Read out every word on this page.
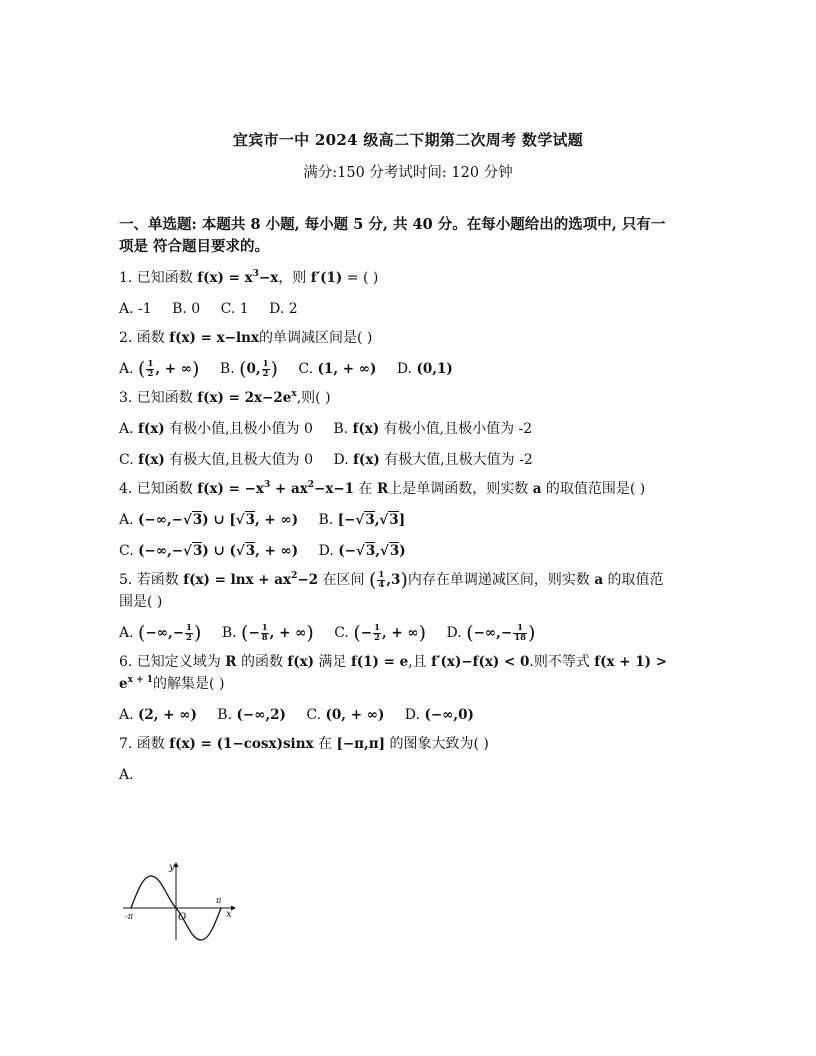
宜宾市一中 2024 级高二下期第二次周考 数学试题
满分:150 分考试时间: 120 分钟
一、单选题: 本题共 8 小题, 每小题 5 分, 共 40 分。在每小题给出的选项中, 只有一
项是 符合题目要求的。
1. 已知函数 $f(x) = x^3-x$，则 f′(1) = ( )
A. -1 B. 0 C. 1 D. 2
2. 函数 f(x) = x−lnx的单调减区间是( )
A. ( $\frac{1}{2}$ , + ∞) B. (0, $\frac{1}{2}$ ) C. (1, + ∞) D. (0,1)
3. 已知函数 $f(x) = 2x-2e^x$,则( )
A. f(x) 有极小值,且极小值为 0 B. f(x) 有极小值,且极小值为 -2
C. f(x) 有极大值,且极大值为 0 D. f(x) 有极大值,且极大值为 -2
4. 已知函数 $f(x) = -x^3 + ax^2-x-1$ 在 R上是单调函数，则实数 a 的取值范围是( )
A. (−∞,−√3) ∪ [√3, + ∞) B. [−√3,√3]
C. (−∞,−√3) ∪ (√3, + ∞) D. (−√3,√3)
5. 若函数 $f(x) = \ln x + ax^2-2$ 在区间 ( $\frac{1}{4} ,3$)内存在单调递减区间，则实数 a 的取值范
围是( )
A. (−∞,− $\frac{1}{2}$ ) B. (− $\frac{1}{8}$ , + ∞) C. (− $\frac{1}{2}$ , + ∞) D. (−∞,− $\frac{1}{18}$ )
6. 已知定义域为 R 的函数 f(x) 满足 f(1) = e,且 f′(x)−f(x) < 0.则不等式 f(x + 1) >
$e^{x + 1}$的解集是( )
A. (2, + ∞) B. (−∞,2) C. (0, + ∞) D. (−∞,0)
7. 函数 f(x) = (1−cosx)sinx 在 [−π,π] 的图象大致为( )
A.
y
x
O
-π
π
